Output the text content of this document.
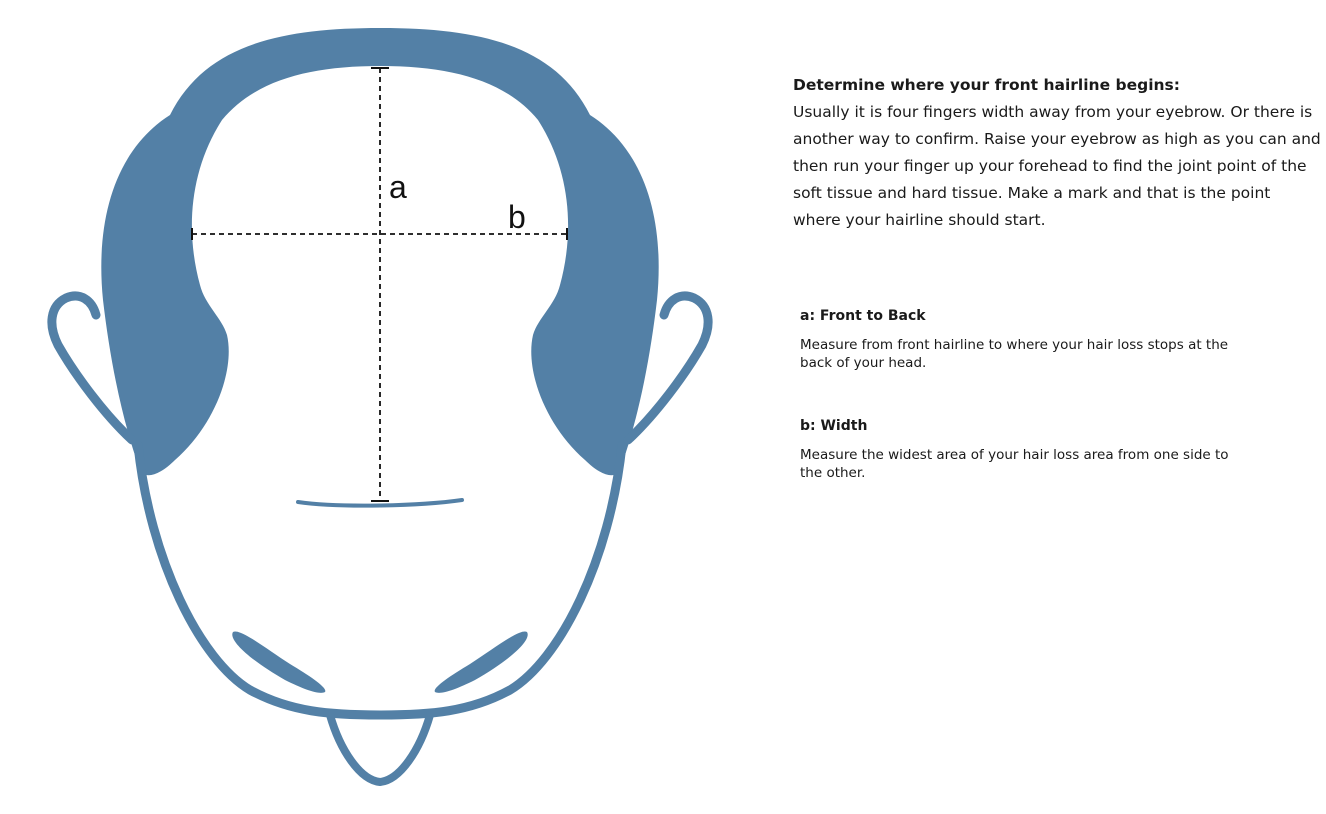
a
b
Determine where your front hairline begins:
Usually it is four fingers width away from your eyebrow. Or there is another way to confirm. Raise your eyebrow as high as you can and then run your finger up your forehead to find the joint point of the soft tissue and hard tissue. Make a mark and that is the point where your hairline should start.
a: Front to Back
Measure from front hairline to where your hair loss stops at the back of your head.
b: Width
Measure the widest area of your hair loss area from one side to the other.
